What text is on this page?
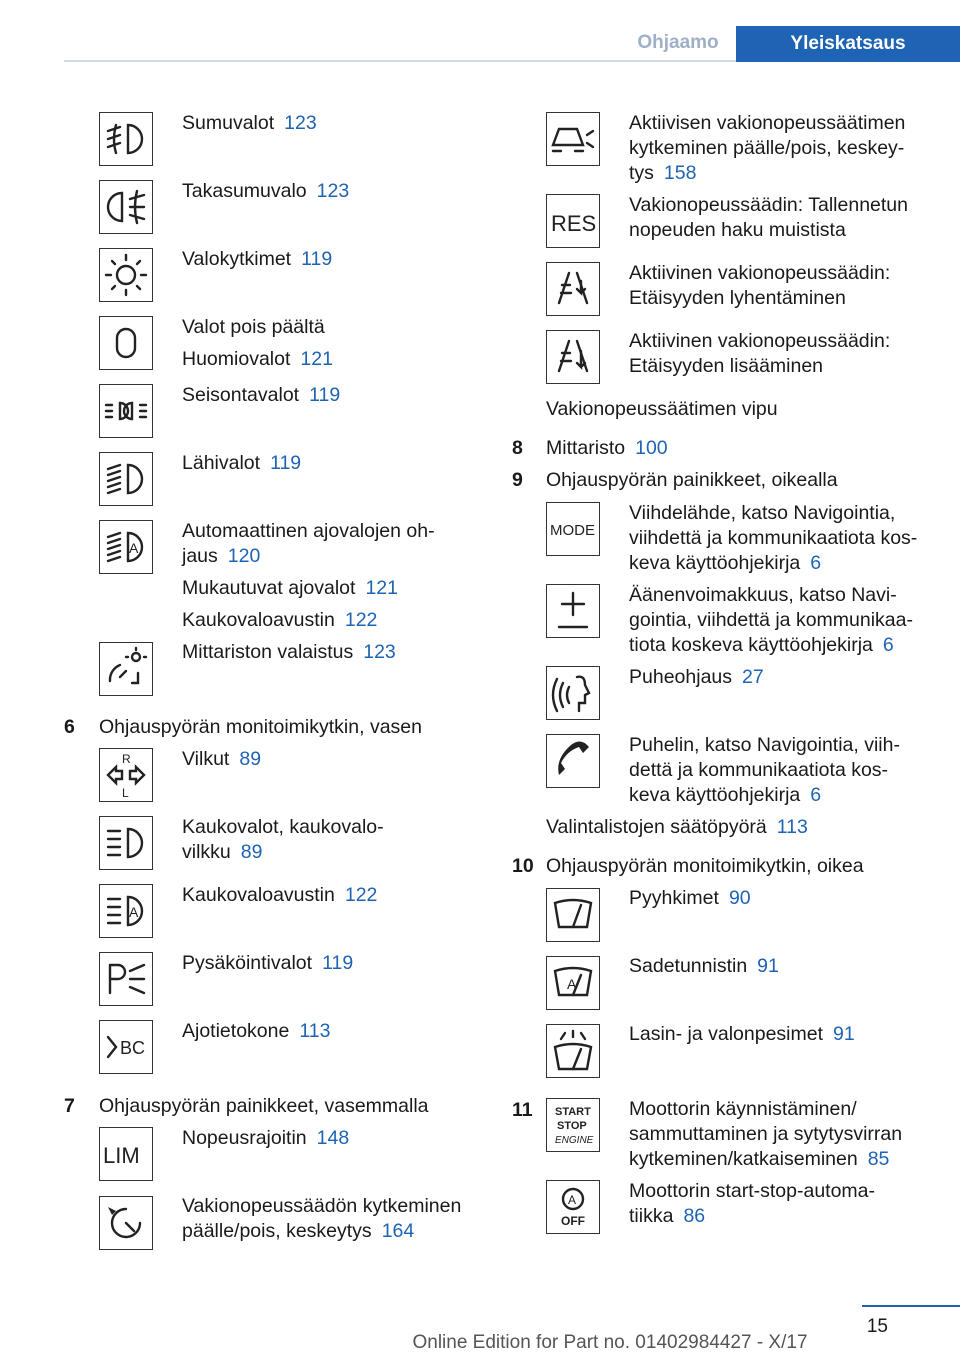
Ohjaamo	Yleiskatsaus
Sumuvalot 123
Takasumuvalo 123
Valokytkimet 119
Valot pois päältä
Huomiovalot 121
Seisontavalot 119
Lähivalot 119
A
Automaattinen ajovalojen oh-
jaus 120
Mukautuvat ajovalot 121
Kaukovaloavustin 122
Mittariston valaistus 123
6 Ohjauspyörän monitoimikytkin, vasen
R
L
Vilkut 89
Kaukovalot, kaukovalo-
vilkku 89
A
Kaukovaloavustin 122
Pysäköintivalot 119
BC
Ajotietokone 113
7 Ohjauspyörän painikkeet, vasemmalla
LIM
Nopeusrajoitin 148
Vakionopeussäädön kytkeminen
päälle/pois, keskeytys 164
Aktiivisen vakionopeussäätimen
kytkeminen päälle/pois, keskey-
tys 158
RES
Vakionopeussäädin: Tallennetun
nopeuden haku muistista
Aktiivinen vakionopeussäädin:
Etäisyyden lyhentäminen
Aktiivinen vakionopeussäädin:
Etäisyyden lisääminen
Vakionopeussäätimen vipu
8 Mittaristo 100
9 Ohjauspyörän painikkeet, oikealla
MODE
Viihdelähde, katso Navigointia,
viihdettä ja kommunikaatiota kos-
keva käyttöohjekirja 6
Äänenvoimakkuus, katso Navi-
gointia, viihdettä ja kommunikaa-
tiota koskeva käyttöohjekirja 6
Puheohjaus 27
Puhelin, katso Navigointia, viih-
dettä ja kommunikaatiota kos-
keva käyttöohjekirja 6
Valintalistojen säätöpyörä 113
10 Ohjauspyörän monitoimikytkin, oikea
Pyyhkimet 90
A
Sadetunnistin 91
Lasin- ja valonpesimet 91
11 START
STOP
ENGINE
Moottorin käynnistäminen/
sammuttaminen ja sytytysvirran
kytkeminen/katkaiseminen 85
A
OFF
Moottorin start-stop-automa-
tiikka 86
15
Online Edition for Part no. 01402984427 - X/17
